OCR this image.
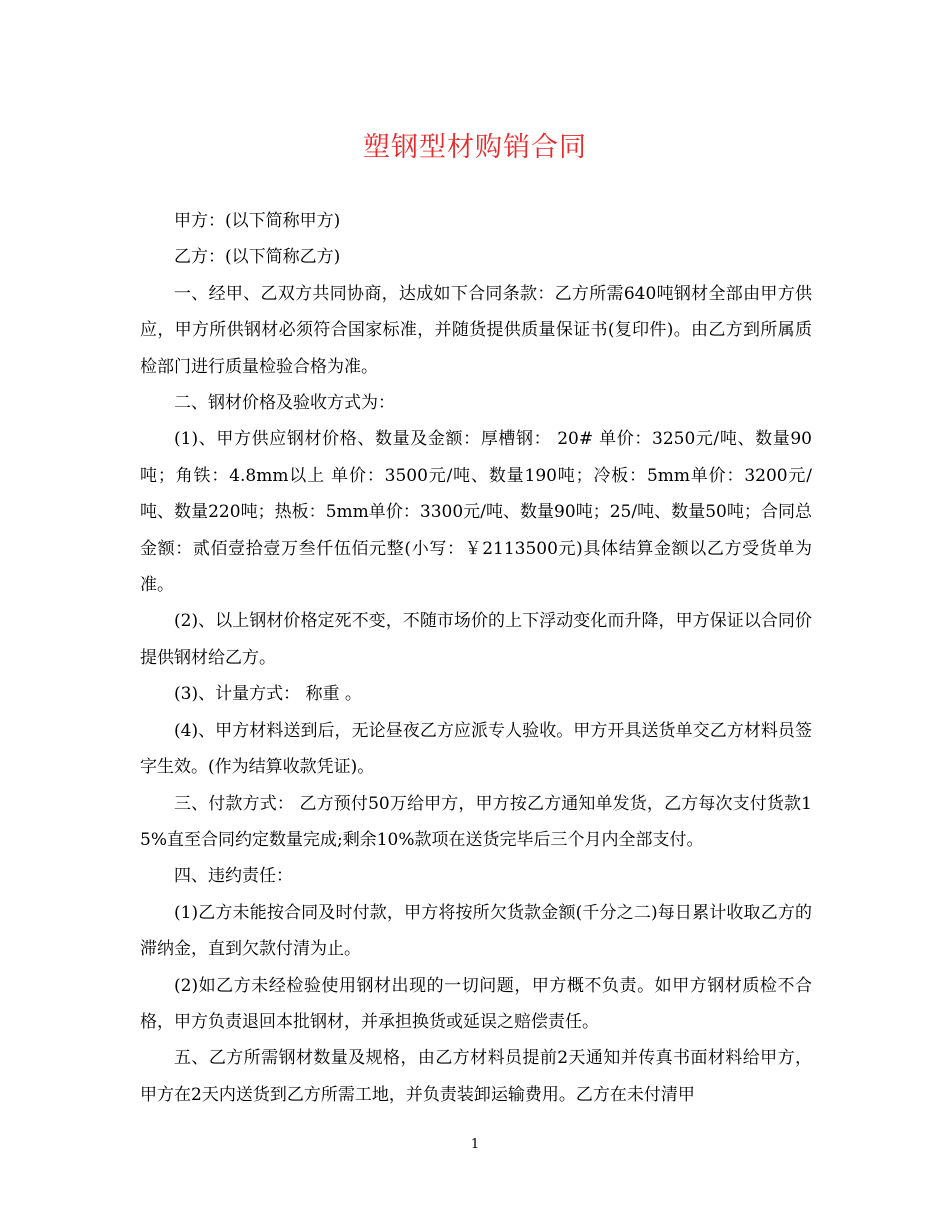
塑钢型材购销合同

甲方：(以下简称甲方)

乙方：(以下简称乙方)

一、经甲、乙双方共同协商，达成如下合同条款：乙方所需640吨钢材全部由甲方供应，甲方所供钢材必须符合国家标准，并随货提供质量保证书(复印件)。由乙方到所属质检部门进行质量检验合格为准。

二、钢材价格及验收方式为：

(1)、甲方供应钢材价格、数量及金额：厚槽钢： 20# 单价：3250元/吨、数量90吨；角铁：4.8mm以上 单价：3500元/吨、数量190吨；冷板：5mm单价：3200元/吨、数量220吨；热板：5mm单价：3300元/吨、数量90吨；25/吨、数量50吨；合同总金额：贰佰壹拾壹万叁仟伍佰元整(小写：￥2113500元)具体结算金额以乙方受货单为准。

(2)、以上钢材价格定死不变，不随市场价的上下浮动变化而升降，甲方保证以合同价提供钢材给乙方。

(3)、计量方式： 称重 。

(4)、甲方材料送到后，无论昼夜乙方应派专人验收。甲方开具送货单交乙方材料员签字生效。(作为结算收款凭证)。

三、付款方式： 乙方预付50万给甲方，甲方按乙方通知单发货，乙方每次支付货款15%直至合同约定数量完成;剩余10%款项在送货完毕后三个月内全部支付。

四、违约责任：

(1)乙方未能按合同及时付款，甲方将按所欠货款金额(千分之二)每日累计收取乙方的滞纳金，直到欠款付清为止。

(2)如乙方未经检验使用钢材出现的一切问题，甲方概不负责。如甲方钢材质检不合格，甲方负责退回本批钢材，并承担换货或延误之赔偿责任。

五、乙方所需钢材数量及规格，由乙方材料员提前2天通知并传真书面材料给甲方，甲方在2天内送货到乙方所需工地，并负责装卸运输费用。乙方在未付清甲

1
